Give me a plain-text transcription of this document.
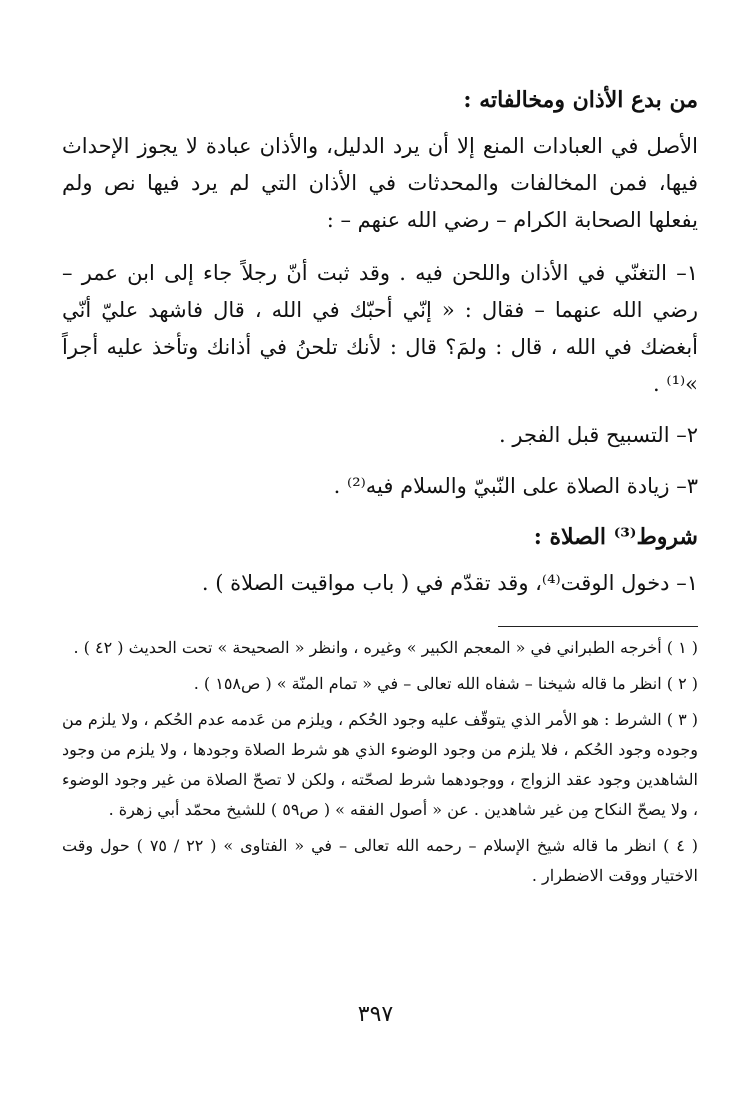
من بدع الأذان ومخالفاته :
الأصل في العبادات المنع إلا أن يرد الدليل، والأذان عبادة لا يجوز الإحداث فيها، فمن المخالفات والمحدثات في الأذان التي لم يرد فيها نص ولم يفعلها الصحابة الكرام – رضي الله عنهم – :
١– التغنّي في الأذان واللحن فيه . وقد ثبت أنّ رجلاً جاء إلى ابن عمر – رضي الله عنهما – فقال : « إنّي أحبّك في الله ، قال فاشهد عليّ أنّي أبغضك في الله ، قال : ولمَ؟ قال : لأنك تلحنُ في أذانك وتأخذ عليه أجراً »⁽¹⁾ .
٢– التسبيح قبل الفجر .
٣– زيادة الصلاة على النّبيّ والسلام فيه⁽²⁾ .
شروط⁽³⁾ الصلاة :
١– دخول الوقت⁽⁴⁾، وقد تقدّم في ( باب مواقيت الصلاة ) .
( ١ ) أخرجه الطبراني في « المعجم الكبير » وغيره ، وانظر « الصحيحة » تحت الحديث ( ٤٢ ) .
( ٢ ) انظر ما قاله شيخنا – شفاه الله تعالى – في « تمام المنّة » ( ص١٥٨ ) .
( ٣ ) الشرط : هو الأمر الذي يتوقّف عليه وجود الحُكم ، ويلزم من عَدمه عدم الحُكم ، ولا يلزم من وجوده وجود الحُكم ، فلا يلزم من وجود الوضوء الذي هو شرط الصلاة وجودها ، ولا يلزم من وجود الشاهدين وجود عقد الزواج ، ووجودهما شرط لصحّته ، ولكن لا تصحّ الصلاة من غير وجود الوضوء ، ولا يصحّ النكاح مِن غير شاهدين . عن « أصول الفقه » ( ص٥٩ ) للشيخ محمّد أبي زهرة .
( ٤ ) انظر ما قاله شيخ الإسلام – رحمه الله تعالى – في « الفتاوى » ( ٢٢ / ٧٥ ) حول وقت الاختيار ووقت الاضطرار .
٣٩٧
